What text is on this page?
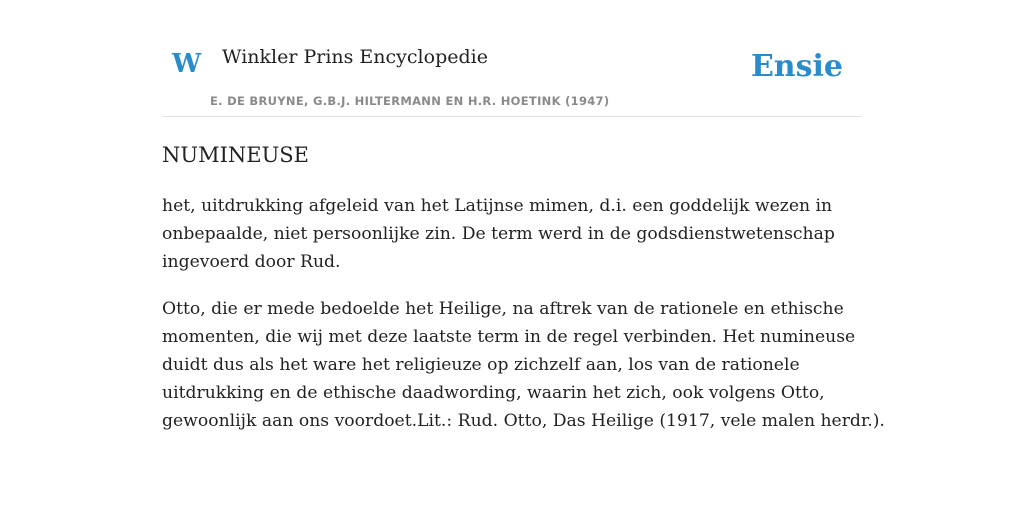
W Winkler Prins Encyclopedie	Ensie
E. DE BRUYNE, G.B.J. HILTERMANN EN H.R. HOETINK (1947)
NUMINEUSE

het, uitdrukking afgeleid van het Latijnse mimen, d.i. een goddelijk wezen in
onbepaalde, niet persoonlijke zin. De term werd in de godsdienstwetenschap
ingevoerd door Rud.

Otto, die er mede bedoelde het Heilige, na aftrek van de rationele en ethische
momenten, die wij met deze laatste term in de regel verbinden. Het numineuse
duidt dus als het ware het religieuze op zichzelf aan, los van de rationele
uitdrukking en de ethische daadwording, waarin het zich, ook volgens Otto,
gewoonlijk aan ons voordoet.Lit.: Rud. Otto, Das Heilige (1917, vele malen herdr.).
